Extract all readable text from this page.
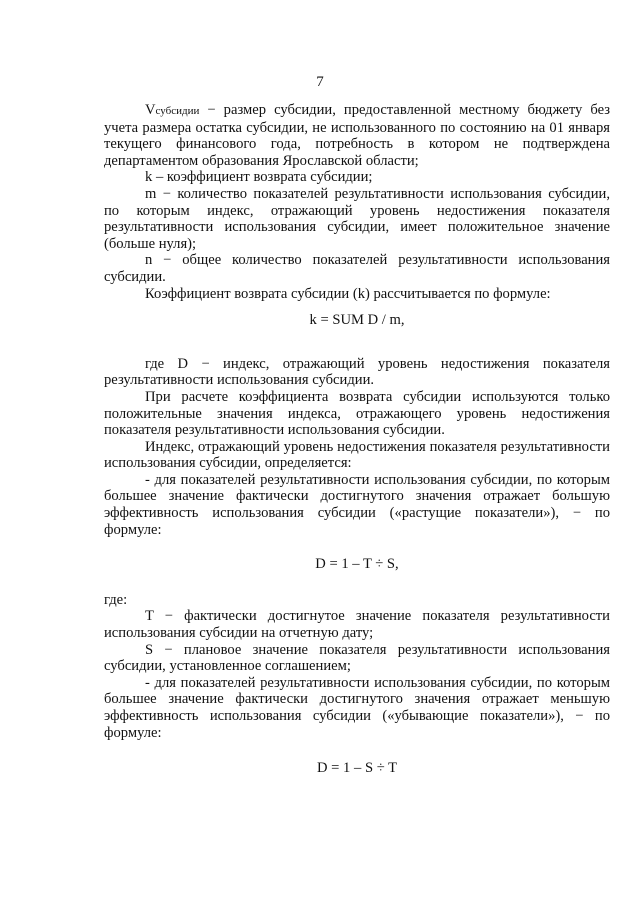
7

Vсубсидии − размер субсидии, предоставленной местному бюджету без учета размера остатка субсидии, не использованного по состоянию на 01 января текущего финансового года, потребность в котором не подтверждена департаментом образования Ярославской области;

k – коэффициент возврата субсидии;

m − количество показателей результативности использования субсидии, по которым индекс, отражающий уровень недостижения показателя результативности использования субсидии, имеет положительное значение (больше нуля);

n − общее количество показателей результативности использования субсидии.

Коэффициент возврата субсидии (k) рассчитывается по формуле:

k = SUM D / m,

где D − индекс, отражающий уровень недостижения показателя результативности использования субсидии.

При расчете коэффициента возврата субсидии используются только положительные значения индекса, отражающего уровень недостижения показателя результативности использования субсидии.

Индекс, отражающий уровень недостижения показателя результативности использования субсидии, определяется:

- для показателей результативности использования субсидии, по которым большее значение фактически достигнутого значения отражает большую эффективность использования субсидии («растущие показатели»), − по формуле:

D = 1 – T ÷ S,

где:

T − фактически достигнутое значение показателя результативности использования субсидии на отчетную дату;

S − плановое значение показателя результативности использования субсидии, установленное соглашением;

- для показателей результативности использования субсидии, по которым большее значение фактически достигнутого значения отражает меньшую эффективность использования субсидии («убывающие показатели»), − по формуле:

D = 1 – S ÷ T
